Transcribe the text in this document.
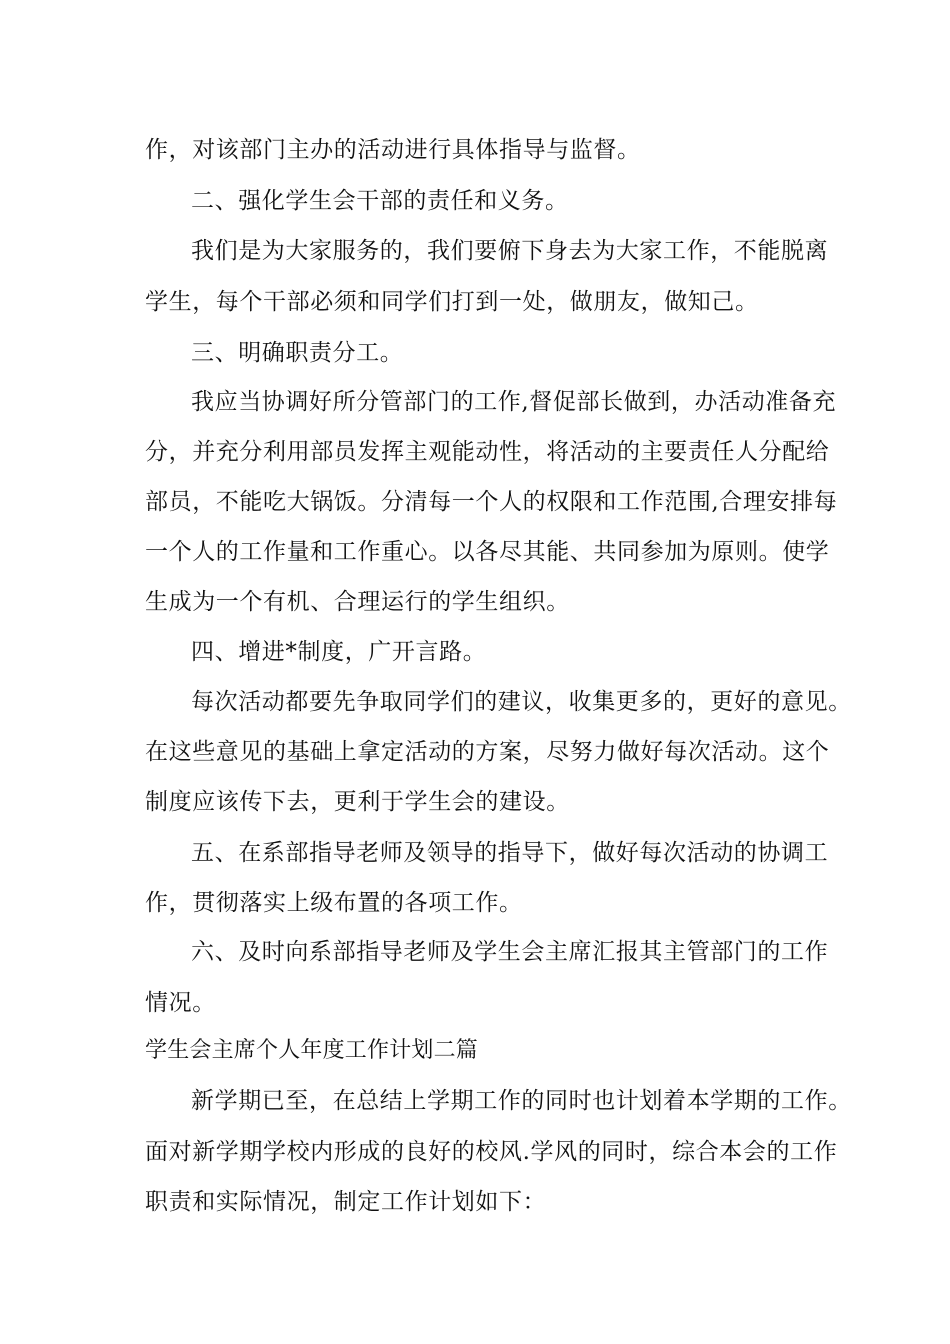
作，对该部门主办的活动进行具体指导与监督。
二、强化学生会干部的责任和义务。
我们是为大家服务的，我们要俯下身去为大家工作，不能脱离
学生，每个干部必须和同学们打到一处，做朋友，做知己。
三、明确职责分工。
我应当协调好所分管部门的工作,督促部长做到，办活动准备充
分，并充分利用部员发挥主观能动性，将活动的主要责任人分配给
部员，不能吃大锅饭。分清每一个人的权限和工作范围,合理安排每
一个人的工作量和工作重心。以各尽其能、共同参加为原则。使学
生成为一个有机、合理运行的学生组织。
四、增进*制度，广开言路。
每次活动都要先争取同学们的建议，收集更多的，更好的意见。
在这些意见的基础上拿定活动的方案，尽努力做好每次活动。这个
制度应该传下去，更利于学生会的建设。
五、在系部指导老师及领导的指导下，做好每次活动的协调工
作，贯彻落实上级布置的各项工作。
六、及时向系部指导老师及学生会主席汇报其主管部门的工作
情况。
学生会主席个人年度工作计划二篇
新学期已至，在总结上学期工作的同时也计划着本学期的工作。
面对新学期学校内形成的良好的校风.学风的同时，综合本会的工作
职责和实际情况，制定工作计划如下：
